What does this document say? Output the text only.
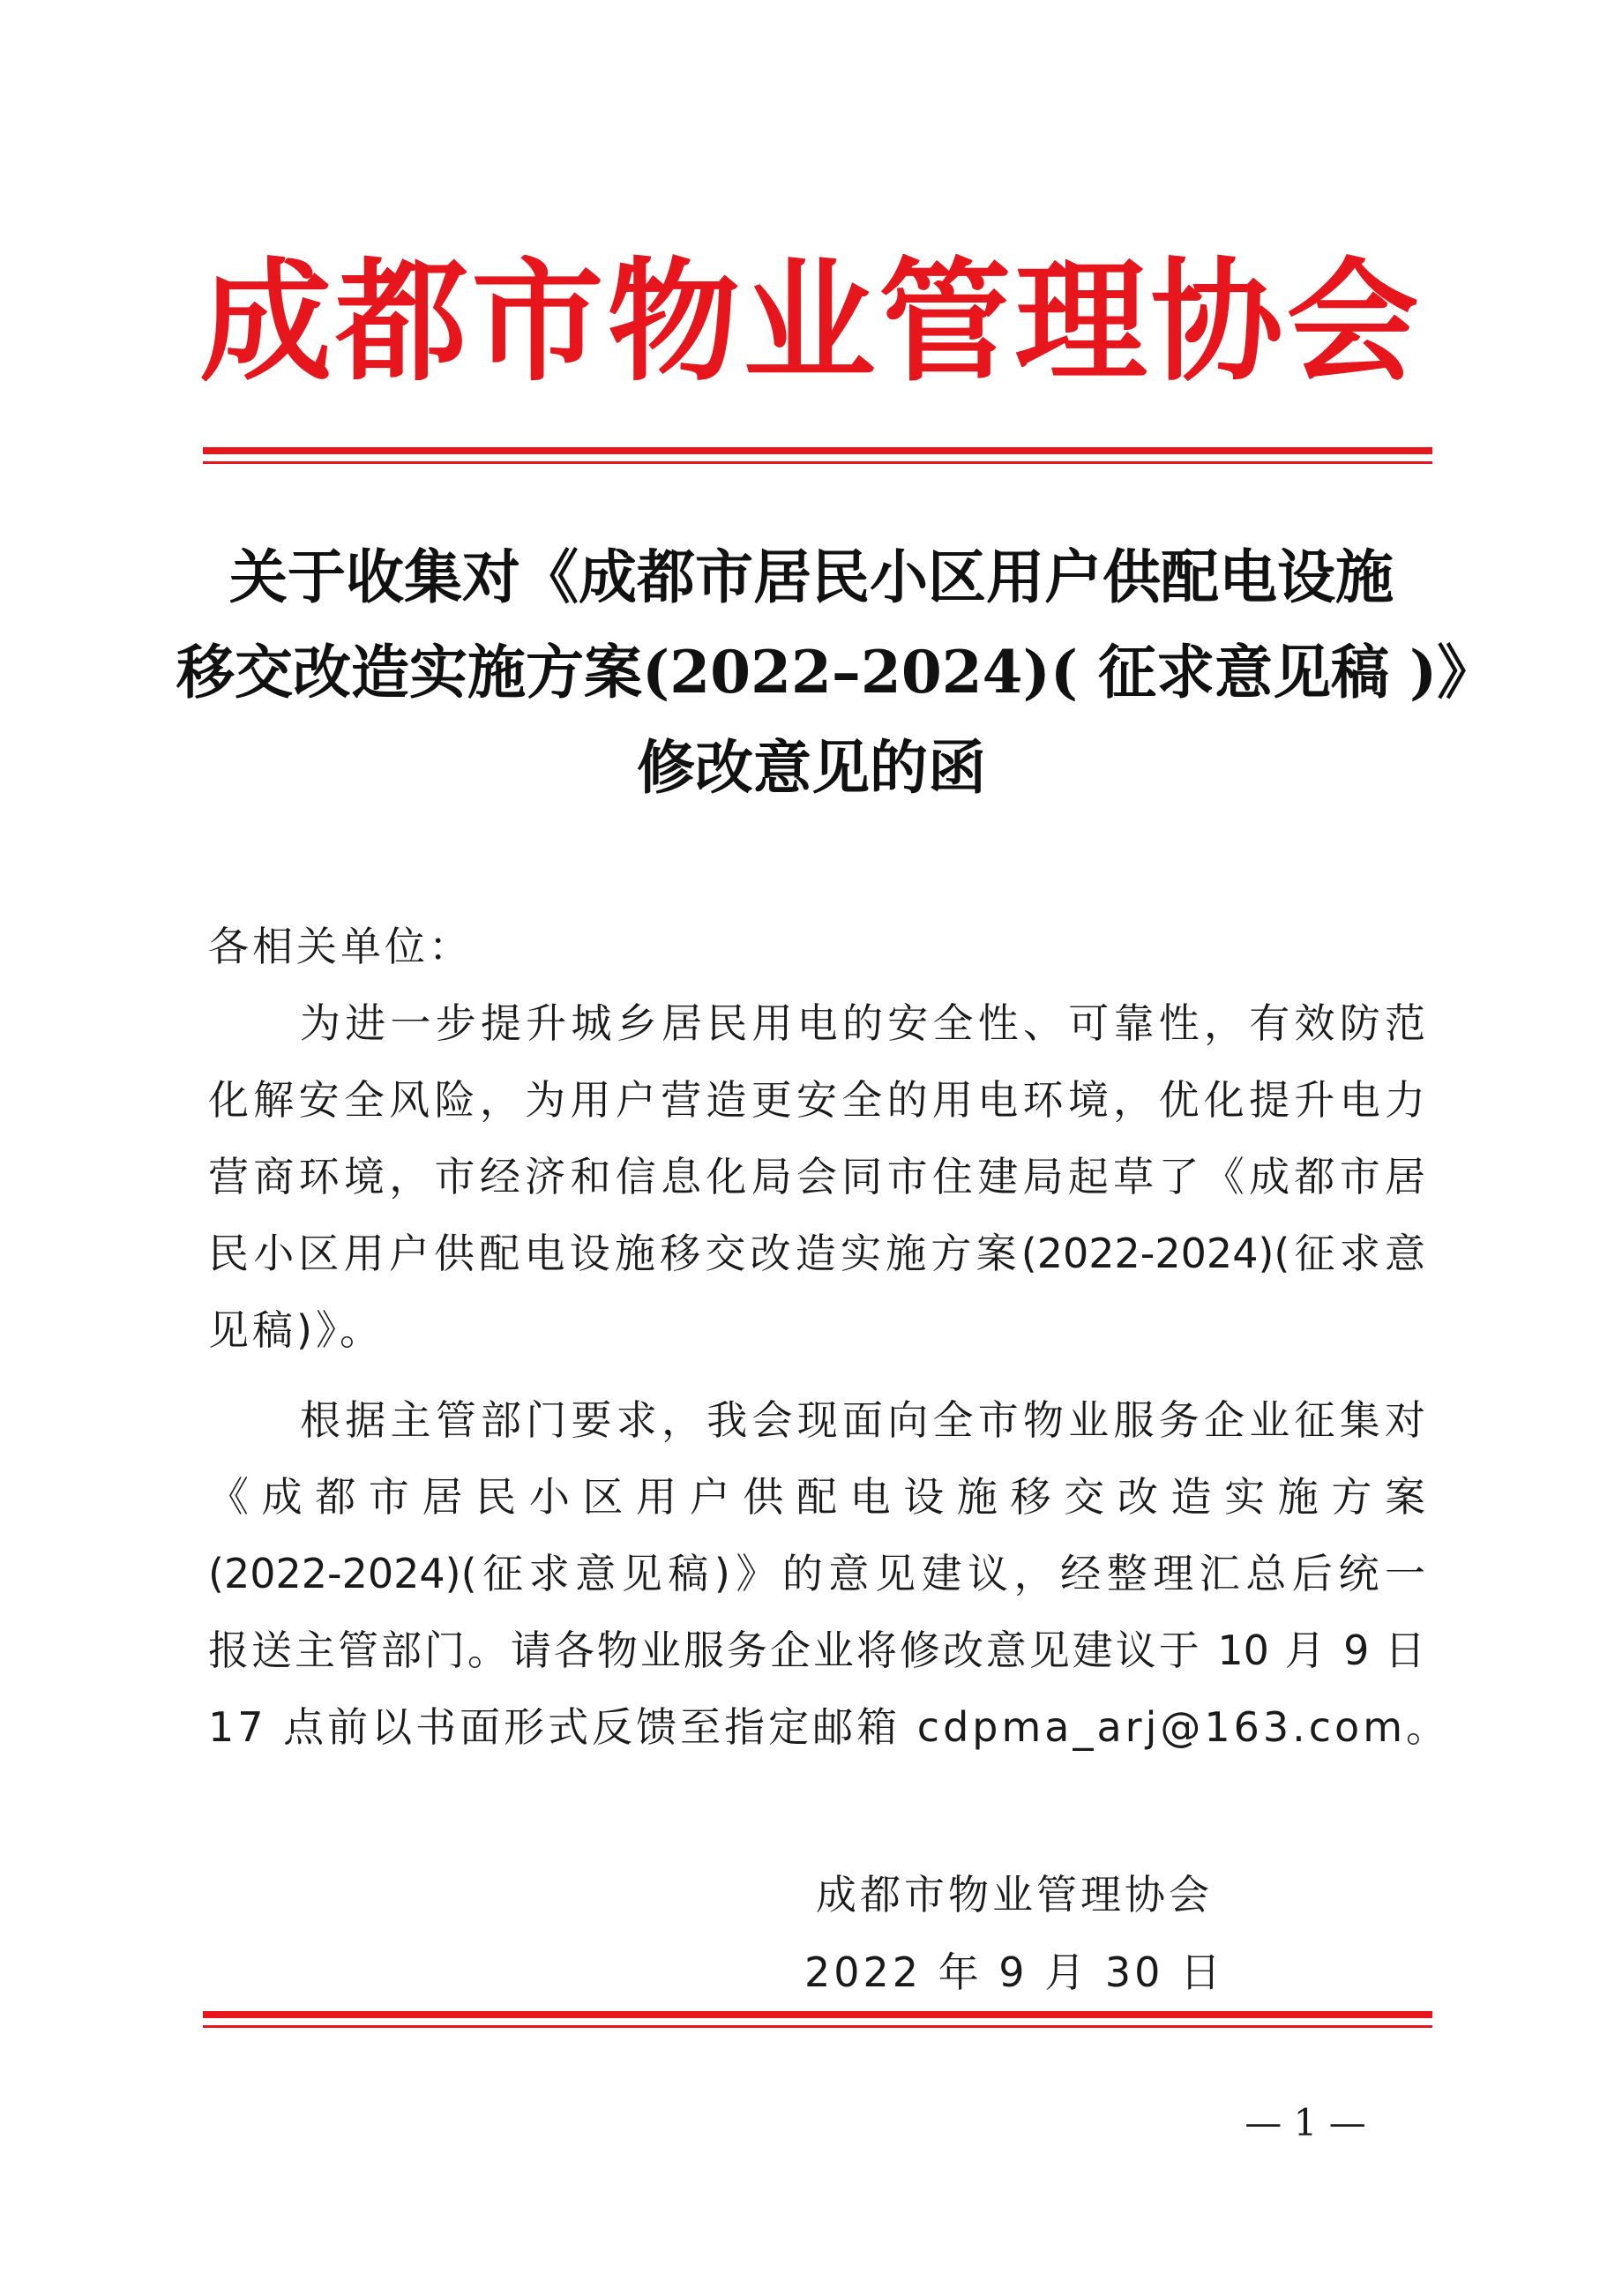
成都市物业管理协会
关于收集对《成都市居民小区用户供配电设施
移交改造实施方案(2022–2024)( 征求意见稿 )》
修改意见的函
各相关单位：
为进一步提升城乡居民用电的安全性、可靠性，有效防范
化解安全风险，为用户营造更安全的用电环境，优化提升电力
营商环境，市经济和信息化局会同市住建局起草了《成都市居
民小区用户供配电设施移交改造实施方案(2022-2024)(征求意
见稿)》。
根据主管部门要求，我会现面向全市物业服务企业征集对
《成都市居民小区用户供配电设施移交改造实施方案
(2022-2024)(征求意见稿)》的意见建议，经整理汇总后统一
报送主管部门。请各物业服务企业将修改意见建议于 10 月 9 日
17 点前以书面形式反馈至指定邮箱 cdpma_arj@163.com。
成都市物业管理协会
2022 年 9 月 30 日
— 1 —
